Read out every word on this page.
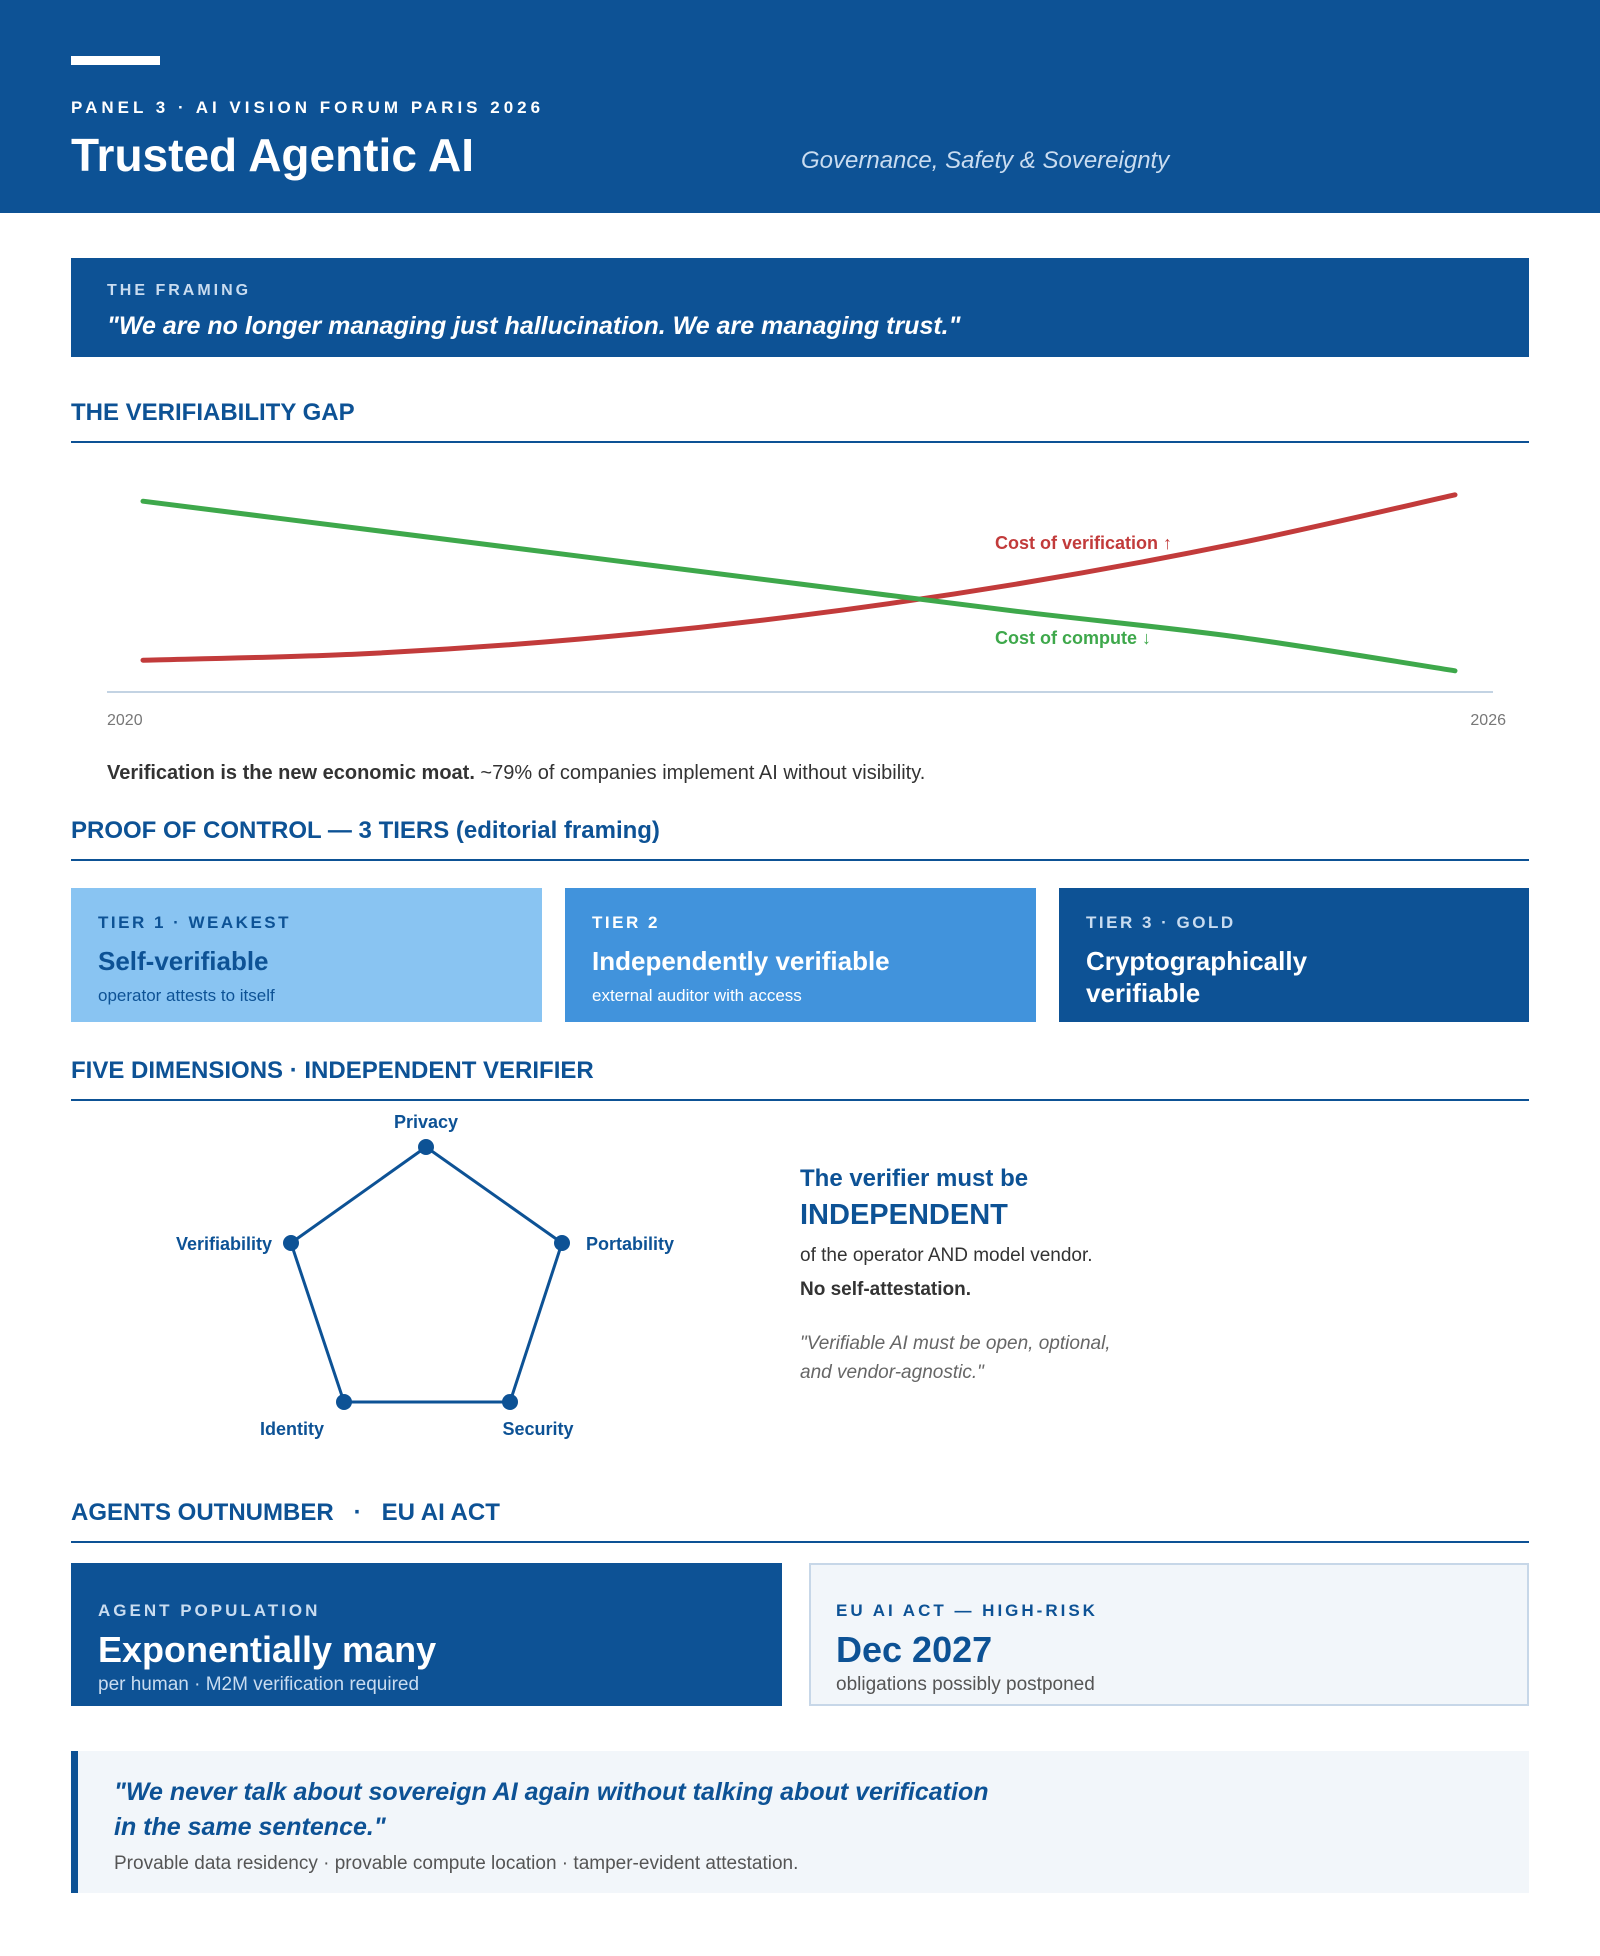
PANEL 3 · AI VISION FORUM PARIS 2026
Trusted Agentic AI	Governance, Safety & Sovereignty
THE FRAMING
"We are no longer managing just hallucination. We are managing trust."
THE VERIFIABILITY GAP
Cost of verification ↑
Cost of compute ↓
2020	2026
Verification is the new economic moat. ~79% of companies implement AI without visibility.
PROOF OF CONTROL — 3 TIERS (editorial framing)
TIER 1 · WEAKEST
Self-verifiable
operator attests to itself
TIER 2
Independently verifiable
external auditor with access
TIER 3 · GOLD
Cryptographically verifiable
FIVE DIMENSIONS · INDEPENDENT VERIFIER
Privacy
Portability
Security
Identity
Verifiability
The verifier must be
INDEPENDENT
of the operator AND model vendor.
No self-attestation.
"Verifiable AI must be open, optional, and vendor-agnostic."
AGENTS OUTNUMBER   ·   EU AI ACT
AGENT POPULATION
Exponentially many
per human · M2M verification required
EU AI ACT — HIGH-RISK
Dec 2027
obligations possibly postponed
"We never talk about sovereign AI again without talking about verification in the same sentence."
Provable data residency · provable compute location · tamper-evident attestation.
